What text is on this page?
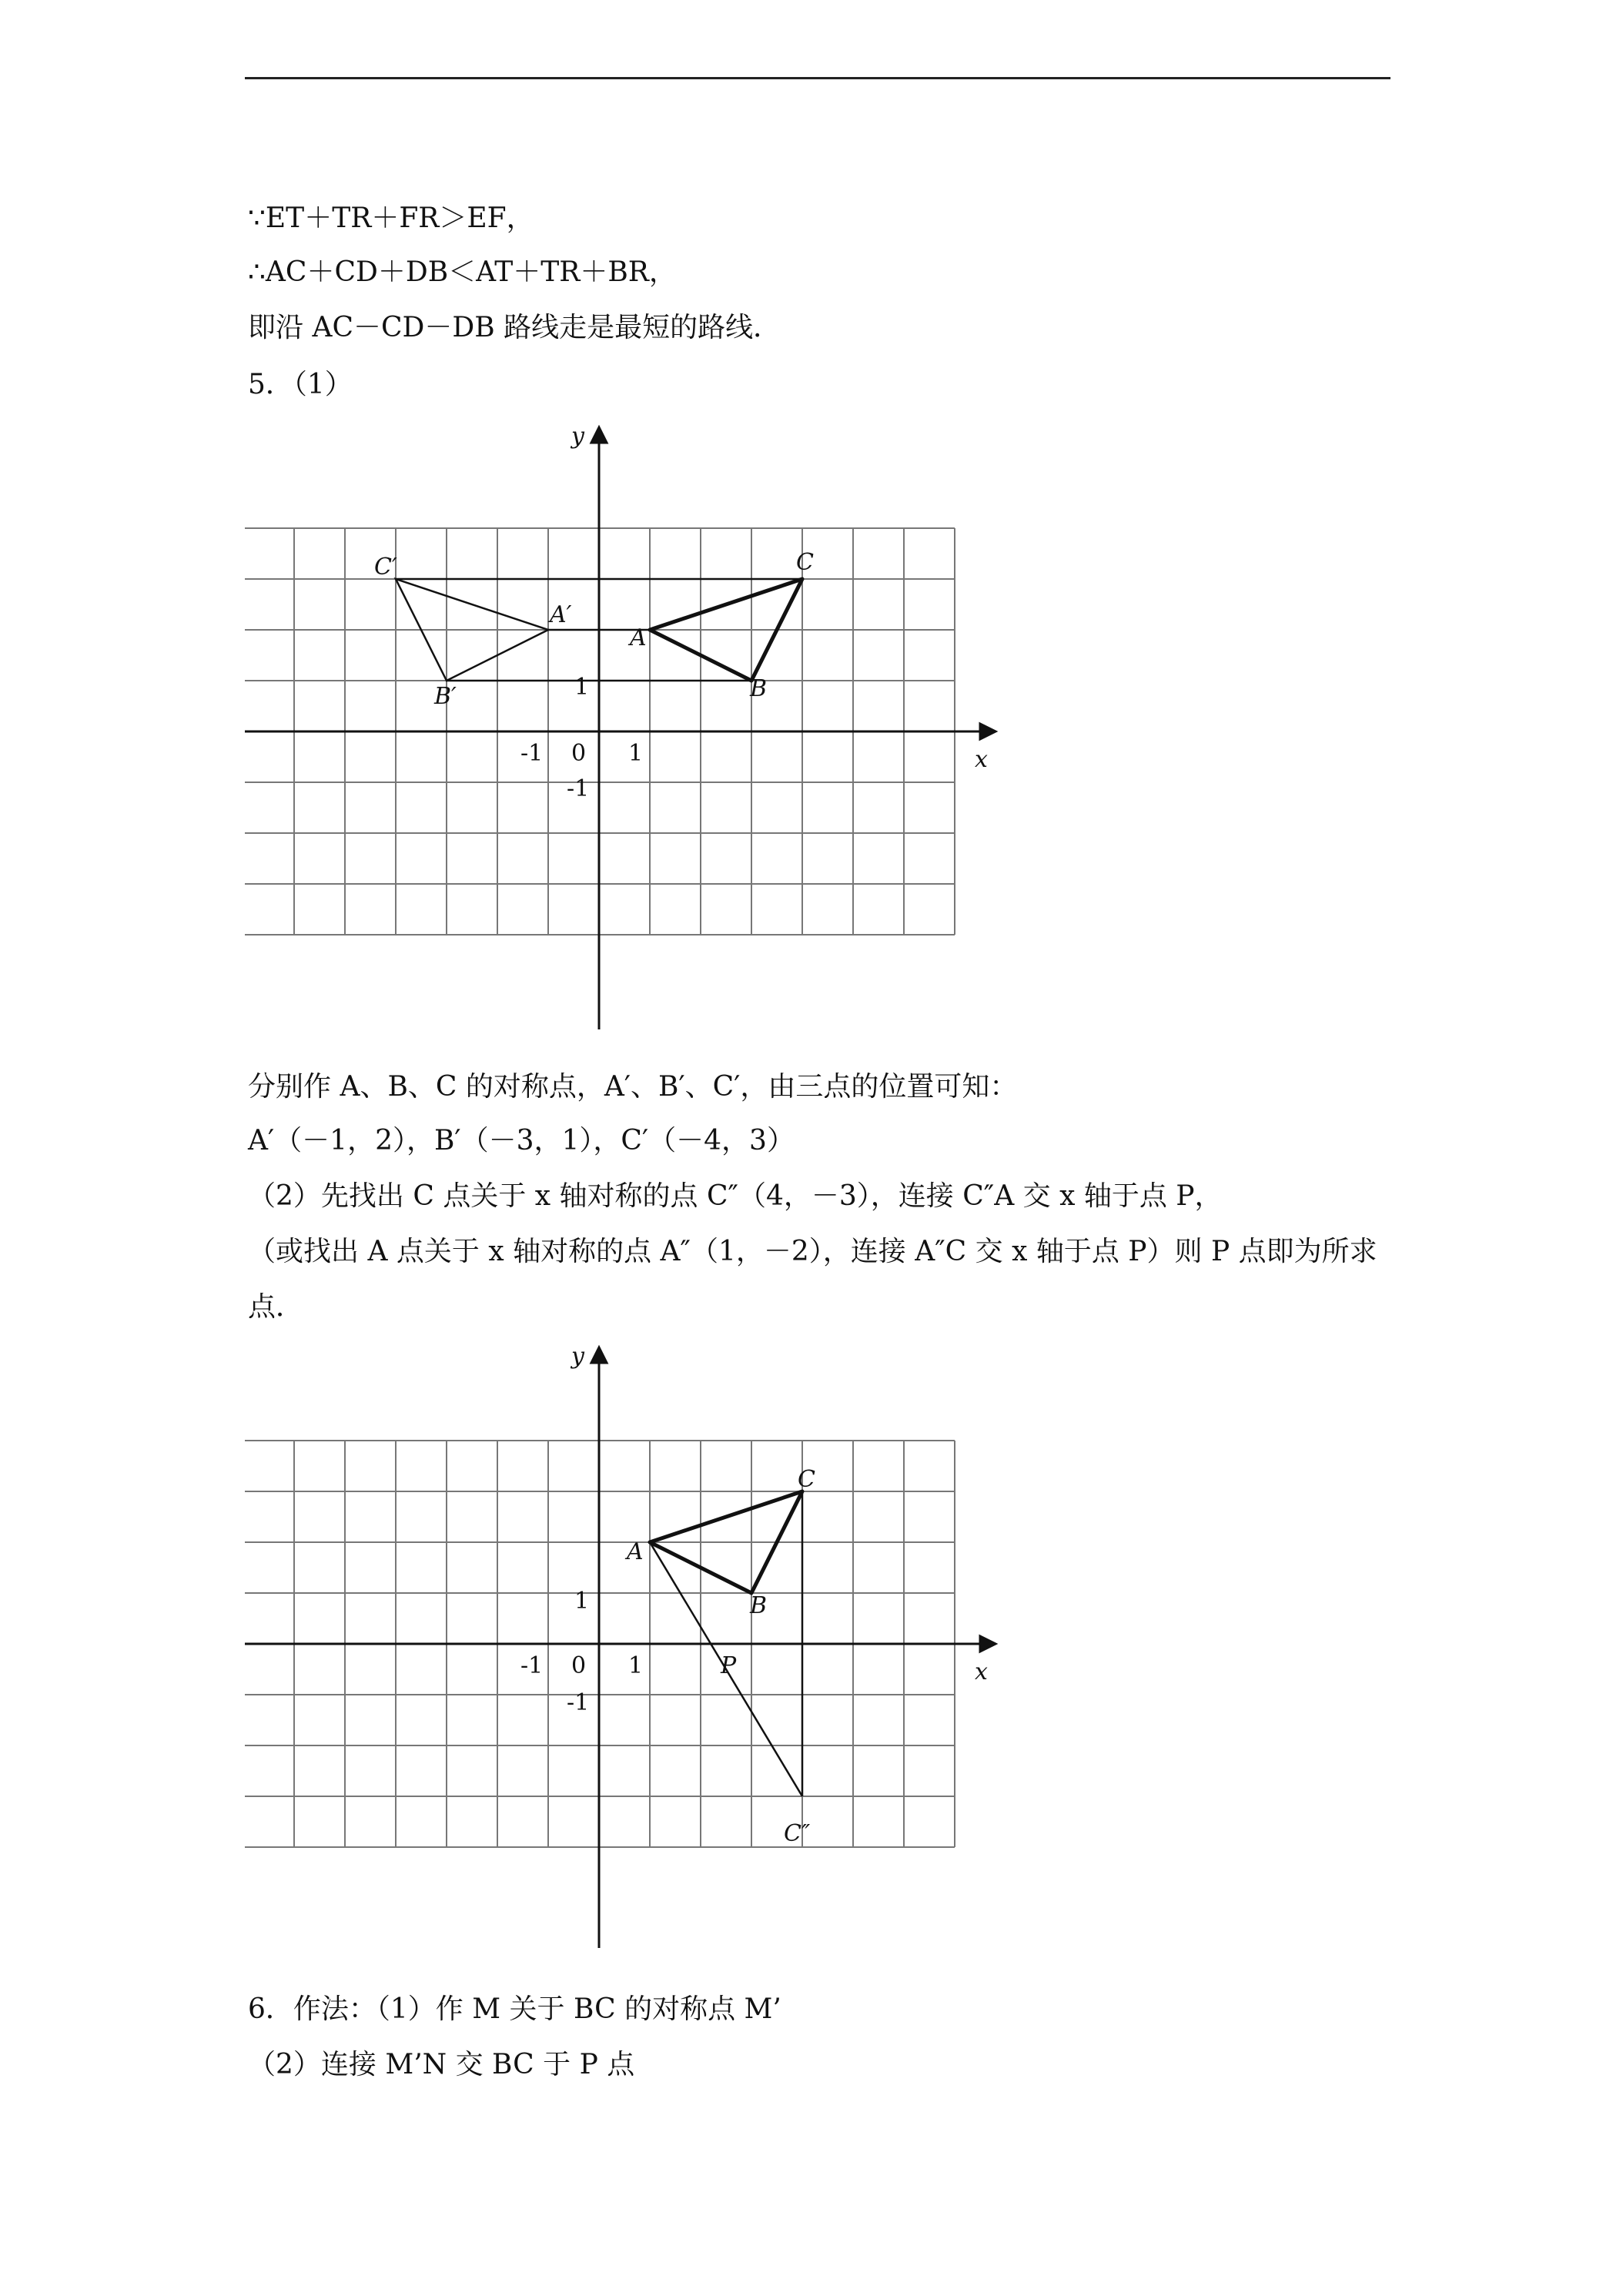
∵ET＋TR＋FR＞EF，
∴AC＋CD＋DB＜AT＋TR＋BR，
即沿 AC－CD－DB 路线走是最短的路线．
5．（1）
x
y
-1 0 1
1
-1
A
B
C
A′
B′
C′
分别作 A、B、C 的对称点，A′、B′、C′，由三点的位置可知：
A′（－1，2），B′（－3，1），C′（－4，3）
（2）先找出 C 点关于 x 轴对称的点 C″（4，－3），连接 C″A 交 x 轴于点 P，
（或找出 A 点关于 x 轴对称的点 A″（1，－2），连接 A″C 交 x 轴于点 P）则 P 点即为所求
点．
x
y
-1 0 1
1
-1
A
B
C
P
C″
6．作法：（1）作 M 关于 BC 的对称点 M’
（2）连接 M’N 交 BC 于 P 点
